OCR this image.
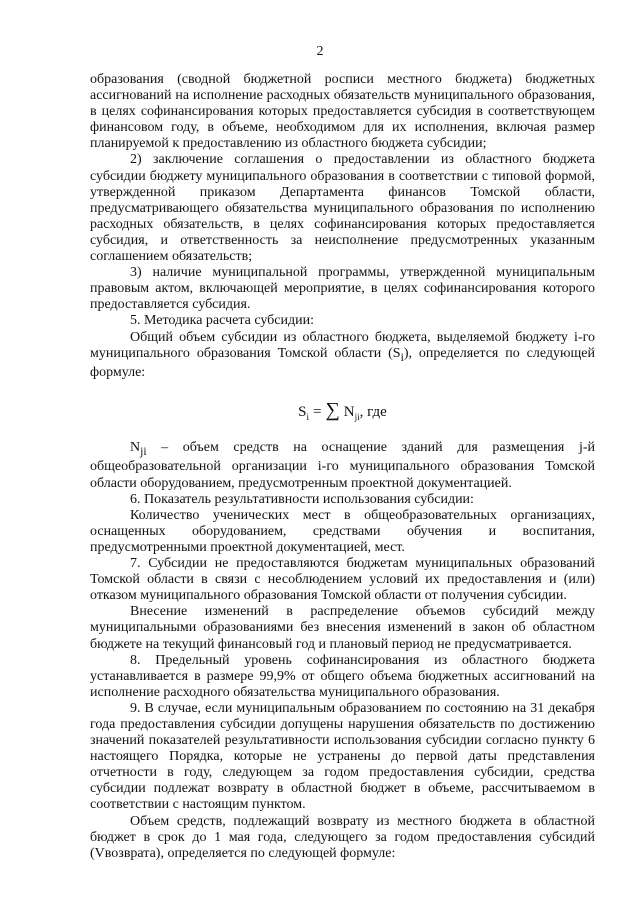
2

образования (сводной бюджетной росписи местного бюджета) бюджетных ассигнований на исполнение расходных обязательств муниципального образования, в целях софинансирования которых предоставляется субсидия в соответствующем финансовом году, в объеме, необходимом для их исполнения, включая размер планируемой к предоставлению из областного бюджета субсидии;

2) заключение соглашения о предоставлении из областного бюджета субсидии бюджету муниципального образования в соответствии с типовой формой, утвержденной приказом Департамента финансов Томской области, предусматривающего обязательства муниципального образования по исполнению расходных обязательств, в целях софинансирования которых предоставляется субсидия, и ответственность за неисполнение предусмотренных указанным соглашением обязательств;

3) наличие муниципальной программы, утвержденной муниципальным правовым актом, включающей мероприятие, в целях софинансирования которого предоставляется субсидия.

5. Методика расчета субсидии:

Общий объем субсидии из областного бюджета, выделяемой бюджету i-го муниципального образования Томской области $(S_i)$, определяется по следующей формуле:

$S_i$ = ∑ $N_{ji}$, где

$N_{ji}$ – объем средств на оснащение зданий для размещения j-й общеобразовательной организации i-го муниципального образования Томской области оборудованием, предусмотренным проектной документацией.

6. Показатель результативности использования субсидии:

Количество ученических мест в общеобразовательных организациях, оснащенных оборудованием, средствами обучения и воспитания, предусмотренными проектной документацией, мест.

7. Субсидии не предоставляются бюджетам муниципальных образований Томской области в связи с несоблюдением условий их предоставления и (или) отказом муниципального образования Томской области от получения субсидии.

Внесение изменений в распределение объемов субсидий между муниципальными образованиями без внесения изменений в закон об областном бюджете на текущий финансовый год и плановый период не предусматривается.

8. Предельный уровень софинансирования из областного бюджета устанавливается в размере 99,9% от общего объема бюджетных ассигнований на исполнение расходного обязательства муниципального образования.

9. В случае, если муниципальным образованием по состоянию на 31 декабря года предоставления субсидии допущены нарушения обязательств по достижению значений показателей результативности использования субсидии согласно пункту 6 настоящего Порядка, которые не устранены до первой даты представления отчетности в году, следующем за годом предоставления субсидии, средства субсидии подлежат возврату в областной бюджет в объеме, рассчитываемом в соответствии с настоящим пунктом.

Объем средств, подлежащий возврату из местного бюджета в областной бюджет в срок до 1 мая года, следующего за годом предоставления субсидий (Vвозврата), определяется по следующей формуле:
